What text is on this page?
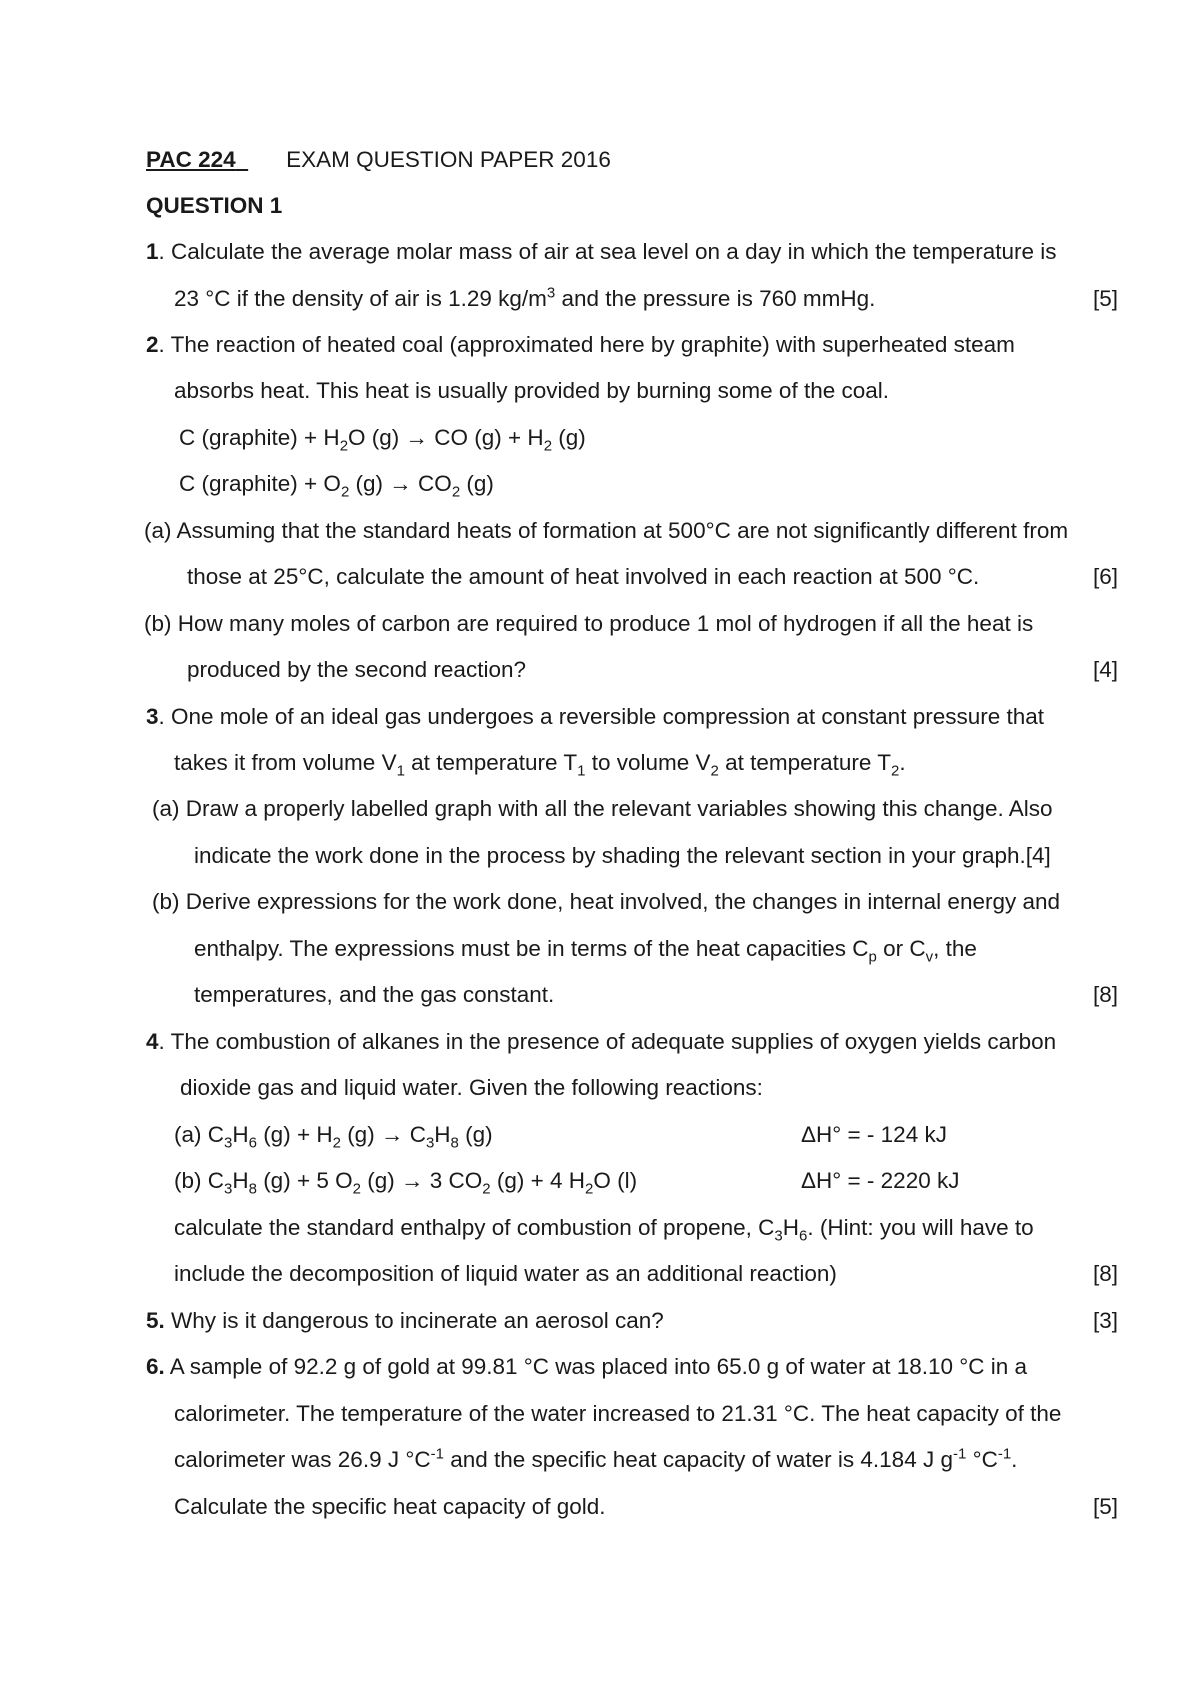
PAC 224 EXAM QUESTION PAPER 2016
QUESTION 1
1. Calculate the average molar mass of air at sea level on a day in which the temperature is
23 °C if the density of air is 1.29 $kg/m^3$ and the pressure is 760 mmHg.	[5]
2. The reaction of heated coal (approximated here by graphite) with superheated steam
absorbs heat. This heat is usually provided by burning some of the coal.
C (graphite) + $H_2O$ (g) → CO $(g) + H_2$ (g)
C (graphite) + $O_2$ $(g) \to CO_2$ (g)
(a) Assuming that the standard heats of formation at 500°C are not significantly different from
those at 25°C, calculate the amount of heat involved in each reaction at 500 °C.	[6]
(b) How many moles of carbon are required to produce 1 mol of hydrogen if all the heat is
produced by the second reaction?	[4]
3. One mole of an ideal gas undergoes a reversible compression at constant pressure that
takes it from volume $V_1$ at temperature $T_1$ to volume $V_2$ at temperature $T_2$.
(a) Draw a properly labelled graph with all the relevant variables showing this change. Also
indicate the work done in the process by shading the relevant section in your graph.[4]
(b) Derive expressions for the work done, heat involved, the changes in internal energy and
enthalpy. The expressions must be in terms of the heat capacities $C_p$ or $C_v$, the
temperatures, and the gas constant.	[8]
4. The combustion of alkanes in the presence of adequate supplies of oxygen yields carbon
dioxide gas and liquid water. Given the following reactions:
(a) $C_3H_6$ $(g) + H_2$ $(g) \to C_3H_8$ (g)	ΔH° = - 124 kJ
(b) $C_3H_8$ (g) + 5 $O_2$ (g) → 3 $CO_2$ (g) + 4 $H_2O$ (l)	ΔH° = - 2220 kJ
calculate the standard enthalpy of combustion of propene, $C_3H_6$. (Hint: you will have to
include the decomposition of liquid water as an additional reaction)	[8]
5. Why is it dangerous to incinerate an aerosol can?	[3]
6. A sample of 92.2 g of gold at 99.81 °C was placed into 65.0 g of water at 18.10 °C in a
calorimeter. The temperature of the water increased to 21.31 °C. The heat capacity of the
calorimeter was 26.9 J $^\circ C^{-1}$ and the specific heat capacity of water is 4.184 J $g^{-1}$ $^\circ C^{-1}$.
Calculate the specific heat capacity of gold.	[5]
